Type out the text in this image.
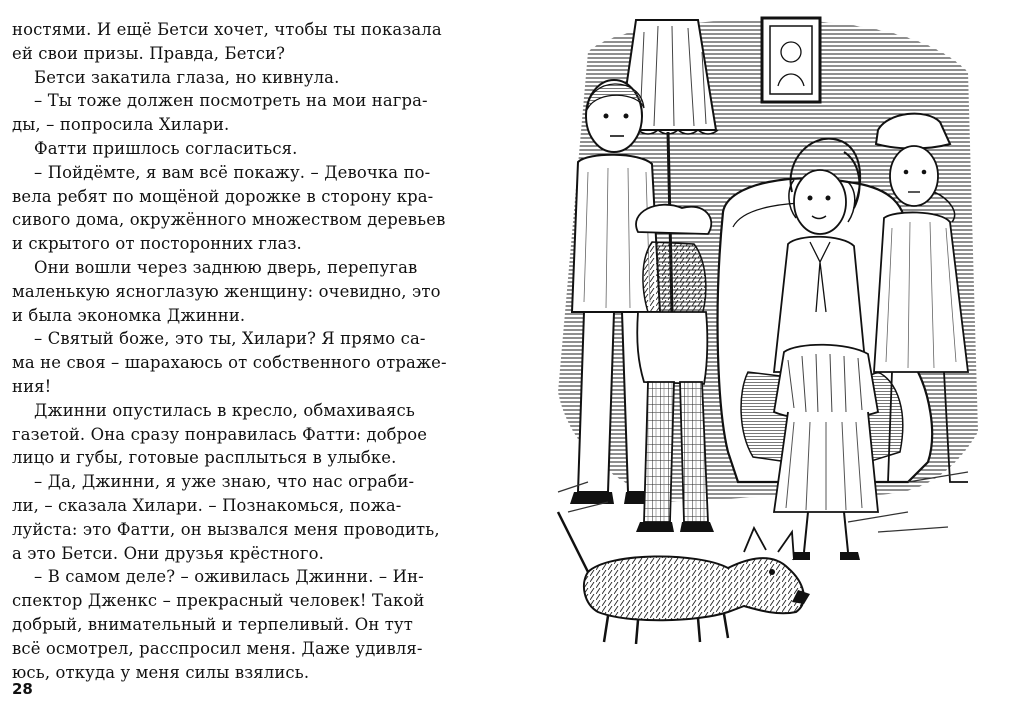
ностями. И ещё Бетси хочет, чтобы ты показала
ей свои призы. Правда, Бетси?
Бетси закатила глаза, но кивнула.
– Ты тоже должен посмотреть на мои награ-
ды, – попросила Хилари.
Фатти пришлось согласиться.
– Пойдёмте, я вам всё покажу. – Девочка по-
вела ребят по мощёной дорожке в сторону кра-
сивого дома, окружённого множеством деревьев
и скрытого от посторонних глаз.
Они вошли через заднюю дверь, перепугав
маленькую ясноглазую женщину: очевидно, это
и была экономка Джинни.
– Святый боже, это ты, Хилари? Я прямо са-
ма не своя – шарахаюсь от собственного отраже-
ния!
Джинни опустилась в кресло, обмахиваясь
газетой. Она сразу понравилась Фатти: доброе
лицо и губы, готовые расплыться в улыбке.
– Да, Джинни, я уже знаю, что нас ограби-
ли, – сказала Хилари. – Познакомься, пожа-
луйста: это Фатти, он вызвался меня проводить,
а это Бетси. Они друзья крёстного.
– В самом деле? – оживилась Джинни. – Ин-
спектор Дженкс – прекрасный человек! Такой
добрый, внимательный и терпеливый. Он тут
всё осмотрел, расспросил меня. Даже удивля-
юсь, откуда у меня силы взялись.
28
